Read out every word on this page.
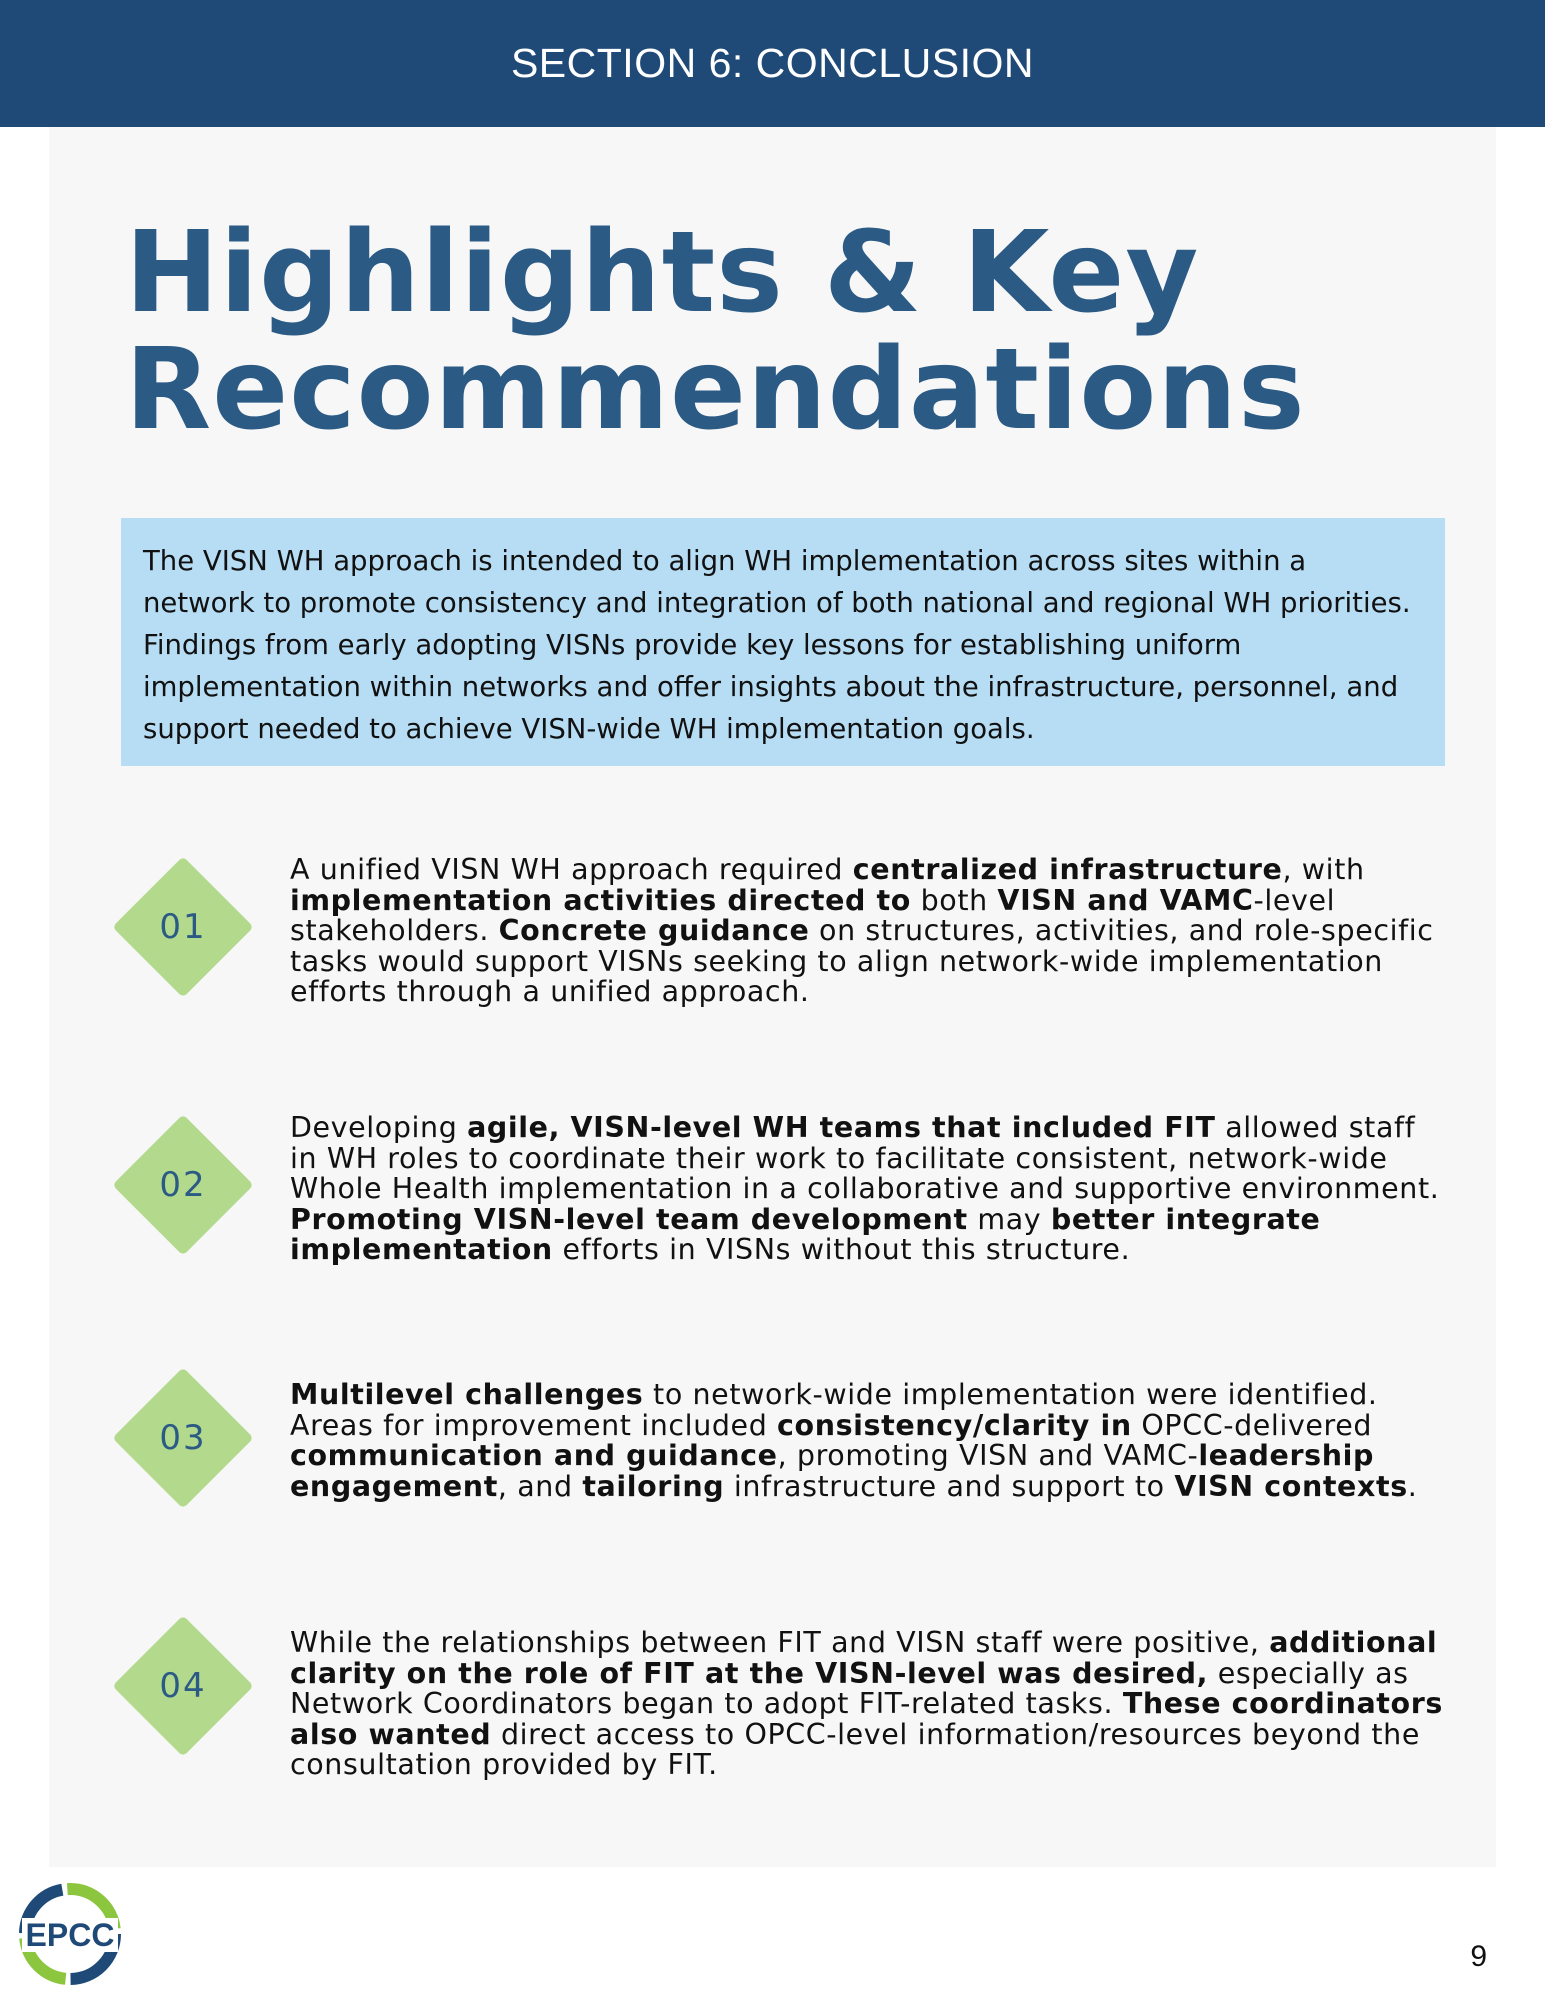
SECTION 6: CONCLUSION
Highlights & Key
Recommendations
The VISN WH approach is intended to align WH implementation across sites within a network to promote consistency and integration of both national and regional WH priorities. Findings from early adopting VISNs provide key lessons for establishing uniform implementation within networks and offer insights about the infrastructure, personnel, and support needed to achieve VISN-wide WH implementation goals.
01

A unified VISN WH approach required centralized infrastructure, with implementation activities directed to both VISN and VAMC-level stakeholders. Concrete guidance on structures, activities, and role-specific tasks would support VISNs seeking to align network-wide implementation efforts through a unified approach.

02

Developing agile, VISN-level WH teams that included FIT allowed staff in WH roles to coordinate their work to facilitate consistent, network-wide Whole Health implementation in a collaborative and supportive environment. Promoting VISN-level team development may better integrate implementation efforts in VISNs without this structure.

03

Multilevel challenges to network-wide implementation were identified. Areas for improvement included consistency/clarity in OPCC-delivered communication and guidance, promoting VISN and VAMC-leadership engagement, and tailoring infrastructure and support to VISN contexts.

04

While the relationships between FIT and VISN staff were positive, additional clarity on the role of FIT at the VISN-level was desired, especially as Network Coordinators began to adopt FIT-related tasks. These coordinators also wanted direct access to OPCC-level information/resources beyond the consultation provided by FIT.

EPCC
9
